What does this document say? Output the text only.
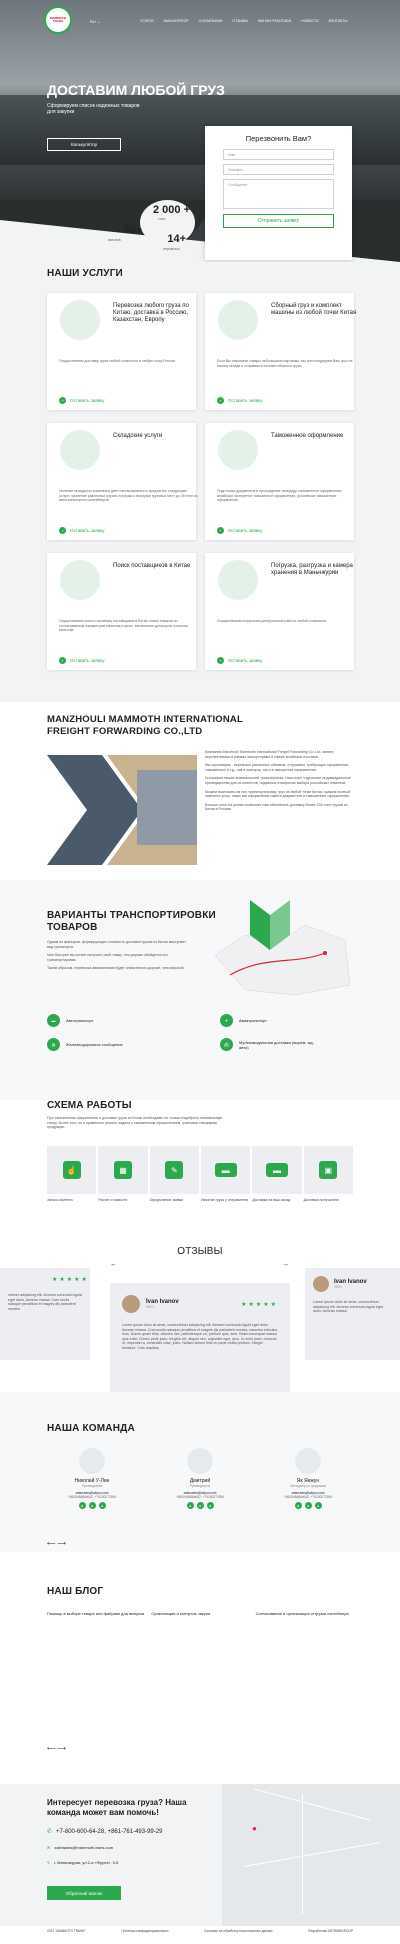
MAMMOTH TRANS	RU ⌄	УСЛУГИ	КАЛЬКУЛЯТОР	О КОМПАНИИ	ОТЗЫВЫ	КАК МЫ РАБОТАЕМ	НОВОСТИ	КОНТАКТЫ
ДОСТАВИМ ЛЮБОЙ ГРУЗ
Сформируем список надежных товаров для закупки
Калькулятор
2 000 +
тонн
50+
вагонов	14+
перевозок
Перезвонить Вам?
Имя
Телефон
Сообщение
Отправить заявку
НАШИ УСЛУГИ
Перевозка любого груза по Китаю, доставка в Россию, Казахстан, Европу
Осуществляем доставку груза любой сложности в любую точку России
+	Оставить заявку
Сборный груз и комплект машины из любой точки Китая
Если Вы покупаете товары небольшими партиями, мы консолидируем Ваш груз на нашем складе и отправим в составе сборного груза
+	Оставить заявку
Складские услуги
Наличие складского комплекса дает нам возможность предлагать следующие услуги: хранение различных грузов, погрузка и выгрузка грузовых мест до 45 тонн из автотранспорта и контейнеров
+	Оставить заявку
Таможенное оформление
Подготовка документов и прохождение процедур таможенного оформления: китайское экспортное таможенное оформление, российское таможенное оформление.
+	Оставить заявку
Поиск поставщиков в Китае
Осуществляем поиск и проверку поставщиков в Китае: поиск товаров по согласованным параметрам качества и цены, заключение договоров, контроль качества.
+	Оставить заявку
Погрузка, разгрузка и камера хранения в Маньчжурии
Осуществляем погрузочно-разгрузочные работы любой сложности
+	Оставить заявку
MANZHOULI MAMMOTH INTERNATIONAL FREIGHT FORWARDING CO.,LTD
Компания Manzhouli Mammoth International Freight Forwarding Co.,Ltd. занята перспективных в рамках экспортерами в сфере китайских поставок.
Мы организуем - перевозки различных объемов, отгружаем, требующих оформления, таможенных и т.д., как в экспорту, так и в импортном направлении.
География наших возможностей транспортная. Наш опыт, отдельные индивидуальные преимущества для их клиентов, надежных в вопросах выбора российских клиентов.
Можем возложить на нас транспортировку, груз из любой точки Китая, окажем полный комплекс услуг, таких как оформление пакета документов и таможенное оформление.
Больше опыт на рынке позволяет нам обеспечить доставку более 200 тонн грузов из Китая в Россию.
ВАРИАНТЫ ТРАНСПОРТИРОВКИ ТОВАРОВ
Одним из факторов, формирующих стоимость доставки грузов из Китая выступает вид транспорта.
Чем быстрее вы хотите получить свой товар, тем дороже обойдется его транспортировка.
Таким образом, перевозка авиалиниями будет значительно дороже, чем морской.
▬	Автотранспорт	✈	Авиатранспорт
▤	Железнодорожное сообщение	⛴	Мультимодальная доставка (морем, жд, авто)
СХЕМА РАБОТЫ
При таможенном оформлении и доставке груза из Китая необходимо не только подобрать оптимальную схему, более того, их и правильно решить задачи с таможенным оформлением, учитывая специфику продукции.
☝	▦	✎	▬	▬	▣
Запрос клиента	Расчет стоимости	Оформление заявки	Изъятие груза у отправителя	Доставка на ваш склад	Доставка получателю
ОТЗЫВЫ
←	→
★★★★★
ctetuer adipiscing elit. Aenean commodo ligula eget dolor. Aenean massa. Cum sociis natoque penatibus et magnis dis parturient montes
Ivan Ivanov
CEO	★★★★★
Lorem ipsum dolor sit amet, consectetuer adipiscing elit. Aenean commodo ligula eget dolor. Aenean massa. Cum sociis natoque penatibus et magnis dis parturient montes, nascetur ridiculus mus. Donec quam felis, ultricies nec, pellentesque eu, pretium quis, sem. Nulla consequat massa quis enim. Donec pede justo, fringilla vel, aliquet nec, vulputate eget, arcu. In enim justo, rhoncus ut, imperdiet a, venenatis vitae, justo. Nullam dictum felis eu pede mollis pretium. Integer tincidunt. Cras dapibus.
Ivan Ivanov
CEO
Lorem ipsum dolor sit amet, consectetuer adipiscing elit. Aenean commodo ligula eget dolor. Aenean massa
НАША КОМАНДА
Николай У-Лин
Руководитель
zakmaxbs@aliyun.com
+8619484864642, +74150272594
●	●	●
Дмитрий
Руководитель
zakmaxbs@aliyun.com
+8619484864642, +74150272594
●	●	●
Як Янжун
Менеджер по продажам
zakmaxbs@aliyun.com
+8619484864642, +74150272594
●	●	●
⟵ ⟶
НАШ БЛОГ
Помощь в выборе товара или фабрики для выпуска Организация и контроль закупа	Согласование и организация отгрузки контейнера
⟵ ⟶
●
Интересует перевозка груза? Наша команда может вам помочь!
✆ +7-800-600-64-28, +861-761-493-99-29
✉ zakmaxbs@mammoth-trans.com
⚲ г. Маньчжурия, ул.2-я «Фрунз», 3-5
Обратный звонок
2021 "MAMMOTH TRANS"	Политика конфиденциальности	Согласие на обработку персональных данных	Разработчик ARTWEBGROUP
